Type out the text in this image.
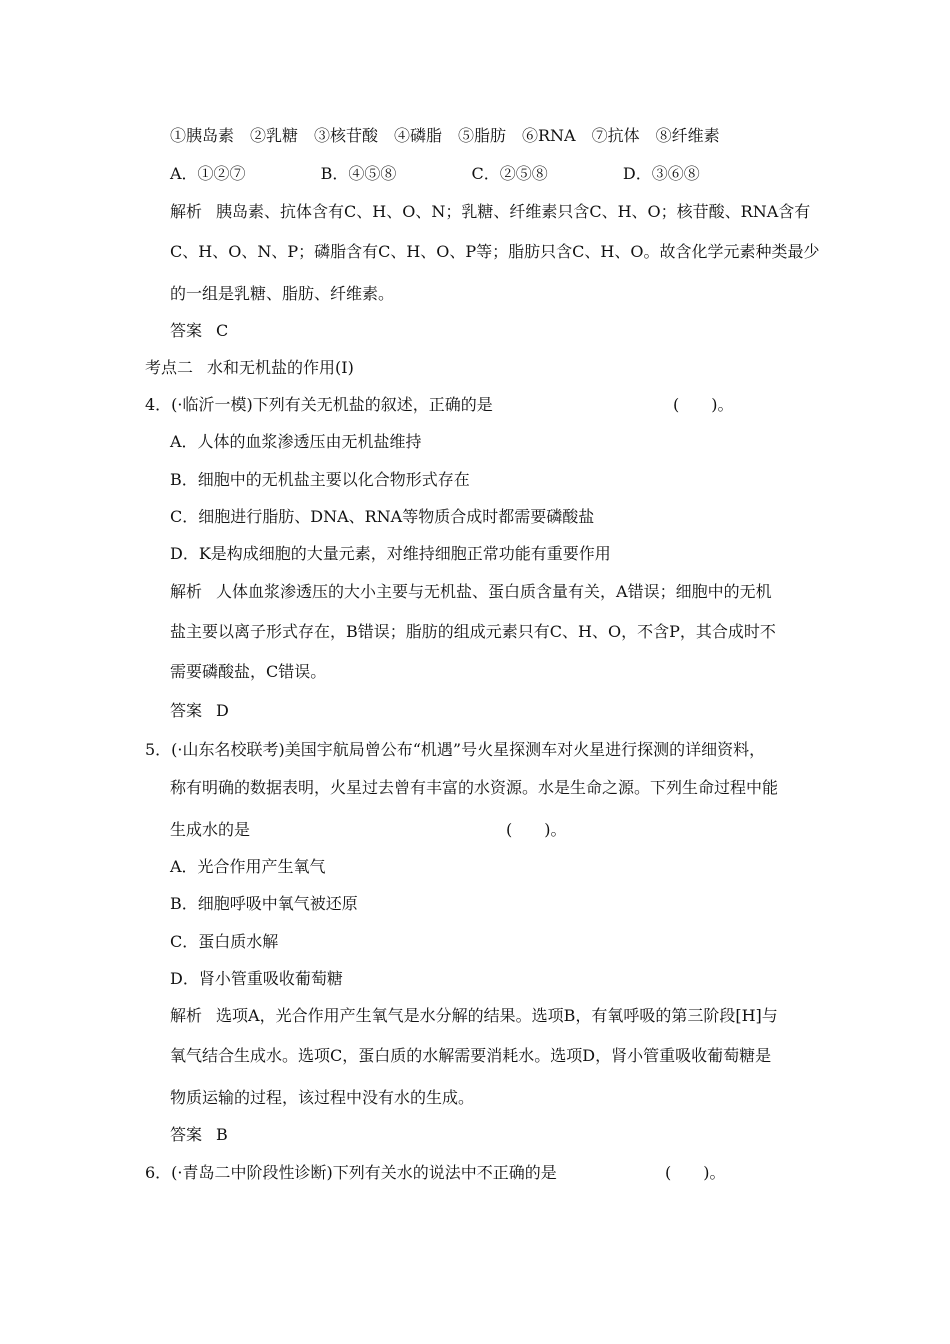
①胰岛素　②乳糖　③核苷酸　④磷脂　⑤脂肪　⑥RNA　⑦抗体　⑧纤维素
A．①②⑦	B．④⑤⑧	C．②⑤⑧	D．③⑥⑧
解析 胰岛素、抗体含有C、H、O、N；乳糖、纤维素只含C、H、O；核苷酸、RNA含有
C、H、O、N、P；磷脂含有C、H、O、P等；脂肪只含C、H、O。故含化学元素种类最少
的一组是乳糖、脂肪、纤维素。
答案 C
考点二 水和无机盐的作用(Ⅰ)
4．(·临沂一模)下列有关无机盐的叙述，正确的是	(　　)。
A．人体的血浆渗透压由无机盐维持
B．细胞中的无机盐主要以化合物形式存在
C．细胞进行脂肪、DNA、RNA等物质合成时都需要磷酸盐
D．K是构成细胞的大量元素，对维持细胞正常功能有重要作用
解析 人体血浆渗透压的大小主要与无机盐、蛋白质含量有关，A错误；细胞中的无机
盐主要以离子形式存在，B错误；脂肪的组成元素只有C、H、O，不含P，其合成时不
需要磷酸盐，C错误。
答案 D
5．(·山东名校联考)美国宇航局曾公布“机遇”号火星探测车对火星进行探测的详细资料，
称有明确的数据表明，火星过去曾有丰富的水资源。水是生命之源。下列生命过程中能
生成水的是	(　　)。
A．光合作用产生氧气
B．细胞呼吸中氧气被还原
C．蛋白质水解
D．肾小管重吸收葡萄糖
解析 选项A，光合作用产生氧气是水分解的结果。选项B，有氧呼吸的第三阶段[H]与
氧气结合生成水。选项C，蛋白质的水解需要消耗水。选项D，肾小管重吸收葡萄糖是
物质运输的过程，该过程中没有水的生成。
答案 B
6．(·青岛二中阶段性诊断)下列有关水的说法中不正确的是	(　　)。
